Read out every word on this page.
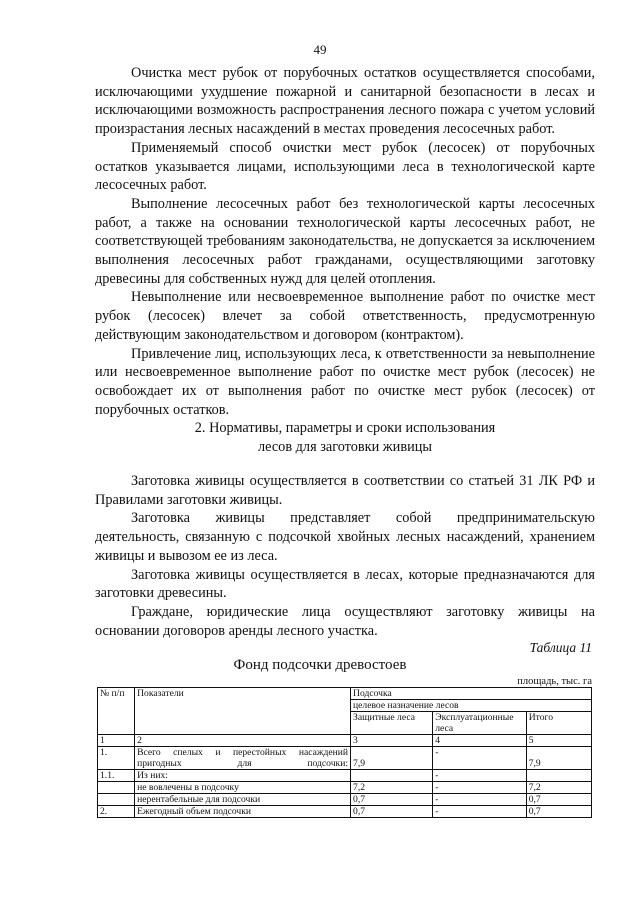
49

Очистка мест рубок от порубочных остатков осуществляется способами, исключающими ухудшение пожарной и санитарной безопасности в лесах и исключающими возможность распространения лесного пожара с учетом условий произрастания лесных насаждений в местах проведения лесосечных работ.

Применяемый способ очистки мест рубок (лесосек) от порубочных остатков указывается лицами, использующими леса в технологической карте лесосечных работ.

Выполнение лесосечных работ без технологической карты лесосечных работ, а также на основании технологической карты лесосечных работ, не соответствующей требованиям законодательства, не допускается за исключением выполнения лесосечных работ гражданами, осуществляющими заготовку древесины для собственных нужд для целей отопления.

Невыполнение или несвоевременное выполнение работ по очистке мест рубок (лесосек) влечет за собой ответственность, предусмотренную действующим законодательством и договором (контрактом).

Привлечение лиц, использующих леса, к ответственности за невыполнение или несвоевременное выполнение работ по очистке мест рубок (лесосек) не освобождает их от выполнения работ по очистке мест рубок (лесосек) от порубочных остатков.

2. Нормативы, параметры и сроки использования
лесов для заготовки живицы

Заготовка живицы осуществляется в соответствии со статьей 31 ЛК РФ и Правилами заготовки живицы.

Заготовка живицы представляет собой предпринимательскую деятельность, связанную с подсочкой хвойных лесных насаждений, хранением живицы и вывозом ее из леса.

Заготовка живицы осуществляется в лесах, которые предназначаются для заготовки древесины.

Граждане, юридические лица осуществляют заготовку живицы на основании договоров аренды лесного участка.

Таблица 11
Фонд подсочки древостоев
площадь, тыс. га
№ п/п	Показатели	Подсочка		
		целевое назначение лесов		
		Защитные леса	Эксплуатационные леса	Итого
1	2	3	4	5
1.	Всего спелых и перестойных насаждений пригодных для подсочки:	7,9	-	7,9
1.1.	Из них:		-	
	не вовлечены в подсочку	7,2	-	7,2
	нерентабельные для подсочки	0,7	-	0,7
2.	Ежегодный объем подсочки	0,7	-	0,7
